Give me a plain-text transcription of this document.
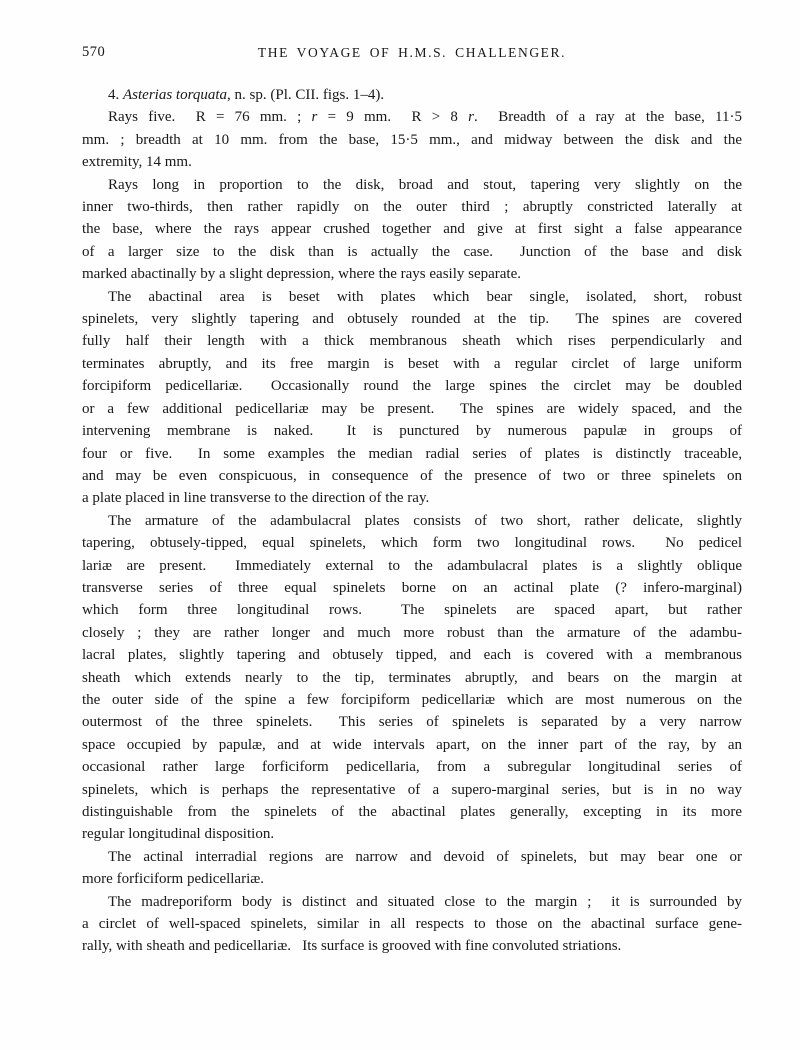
570	THE VOYAGE OF H.M.S. CHALLENGER.
4. Asterias torquata, n. sp. (Pl. CII. figs. 1–4).
Rays five.  R = 76 mm. ; r = 9 mm.  R > 8 r.  Breadth of a ray at the base, 11·5
mm. ; breadth at 10 mm. from the base, 15·5 mm., and midway between the disk and the
extremity, 14 mm.
Rays long in proportion to the disk, broad and stout, tapering very slightly on the
inner two-thirds, then rather rapidly on the outer third ; abruptly constricted laterally at
the base, where the rays appear crushed together and give at first sight a false appearance
of a larger size to the disk than is actually the case.  Junction of the base and disk
marked abactinally by a slight depression, where the rays easily separate.
The abactinal area is beset with plates which bear single, isolated, short, robust
spinelets, very slightly tapering and obtusely rounded at the tip.  The spines are covered
fully half their length with a thick membranous sheath which rises perpendicularly and
terminates abruptly, and its free margin is beset with a regular circlet of large uniform
forcipiform pedicellariæ.  Occasionally round the large spines the circlet may be doubled
or a few additional pedicellariæ may be present.  The spines are widely spaced, and the
intervening membrane is naked.  It is punctured by numerous papulæ in groups of
four or five.  In some examples the median radial series of plates is distinctly traceable,
and may be even conspicuous, in consequence of the presence of two or three spinelets on
a plate placed in line transverse to the direction of the ray.
The armature of the adambulacral plates consists of two short, rather delicate, slightly
tapering, obtusely-tipped, equal spinelets, which form two longitudinal rows.  No pedicel
lariæ are present.  Immediately external to the adambulacral plates is a slightly oblique
transverse series of three equal spinelets borne on an actinal plate (? infero-marginal)
which form three longitudinal rows.  The spinelets are spaced apart, but rather
closely ; they are rather longer and much more robust than the armature of the adambu-
lacral plates, slightly tapering and obtusely tipped, and each is covered with a membranous
sheath which extends nearly to the tip, terminates abruptly, and bears on the margin at
the outer side of the spine a few forcipiform pedicellariæ which are most numerous on the
outermost of the three spinelets.  This series of spinelets is separated by a very narrow
space occupied by papulæ, and at wide intervals apart, on the inner part of the ray, by an
occasional rather large forficiform pedicellaria, from a subregular longitudinal series of
spinelets, which is perhaps the representative of a supero-marginal series, but is in no way
distinguishable from the spinelets of the abactinal plates generally, excepting in its more
regular longitudinal disposition.
The actinal interradial regions are narrow and devoid of spinelets, but may bear one or
more forficiform pedicellariæ.
The madreporiform body is distinct and situated close to the margin ;  it is surrounded by
a circlet of well-spaced spinelets, similar in all respects to those on the abactinal surface gene-
rally, with sheath and pedicellariæ.   Its surface is grooved with fine convoluted striations.
